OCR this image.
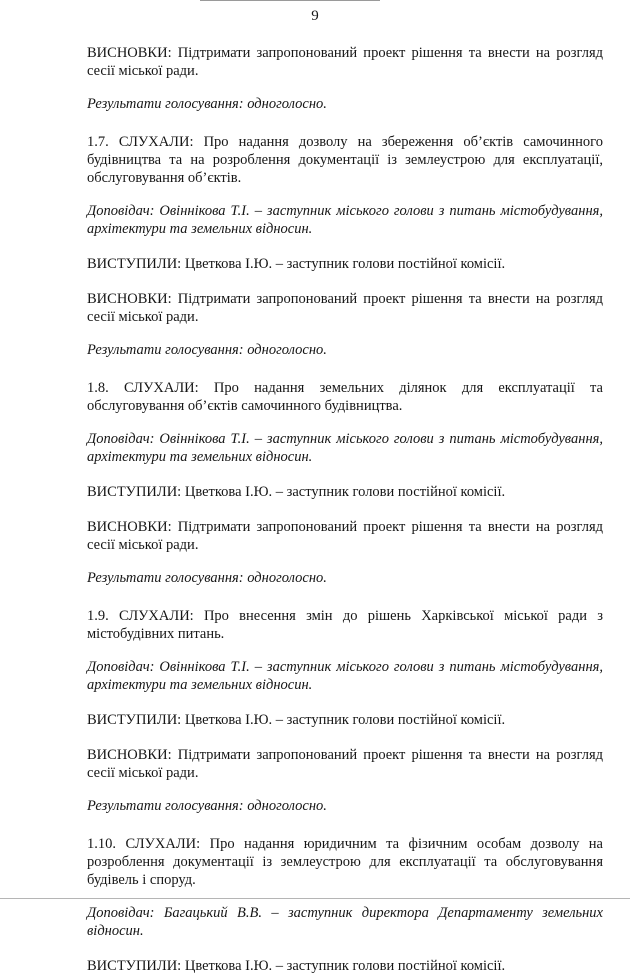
9

ВИСНОВКИ: Підтримати запропонований проект рішення та внести на розгляд сесії міської ради.

Результати голосування: одноголосно.

1.7. СЛУХАЛИ: Про надання дозволу на збереження об’єктів самочинного будівництва та на розроблення документації із землеустрою для експлуатації, обслуговування об’єктів.

Доповідач: Овіннікова Т.І. – заступник міського голови з питань містобудування, архітектури та земельних відносин.

ВИСТУПИЛИ: Цветкова І.Ю. – заступник голови постійної комісії.

ВИСНОВКИ: Підтримати запропонований проект рішення та внести на розгляд сесії міської ради.

Результати голосування: одноголосно.

1.8. СЛУХАЛИ: Про надання земельних ділянок для експлуатації та обслуговування об’єктів самочинного будівництва.

Доповідач: Овіннікова Т.І. – заступник міського голови з питань містобудування, архітектури та земельних відносин.

ВИСТУПИЛИ: Цветкова І.Ю. – заступник голови постійної комісії.

ВИСНОВКИ: Підтримати запропонований проект рішення та внести на розгляд сесії міської ради.

Результати голосування: одноголосно.

1.9. СЛУХАЛИ: Про внесення змін до рішень Харківської міської ради з містобудівних питань.

Доповідач: Овіннікова Т.І. – заступник міського голови з питань містобудування, архітектури та земельних відносин.

ВИСТУПИЛИ: Цветкова І.Ю. – заступник голови постійної комісії.

ВИСНОВКИ: Підтримати запропонований проект рішення та внести на розгляд сесії міської ради.

Результати голосування: одноголосно.

1.10. СЛУХАЛИ: Про надання юридичним та фізичним особам дозволу на розроблення документації із землеустрою для експлуатації та обслуговування будівель і споруд.

Доповідач: Багацький В.В. – заступник директора Департаменту земельних відносин.

ВИСТУПИЛИ: Цветкова І.Ю. – заступник голови постійної комісії.
